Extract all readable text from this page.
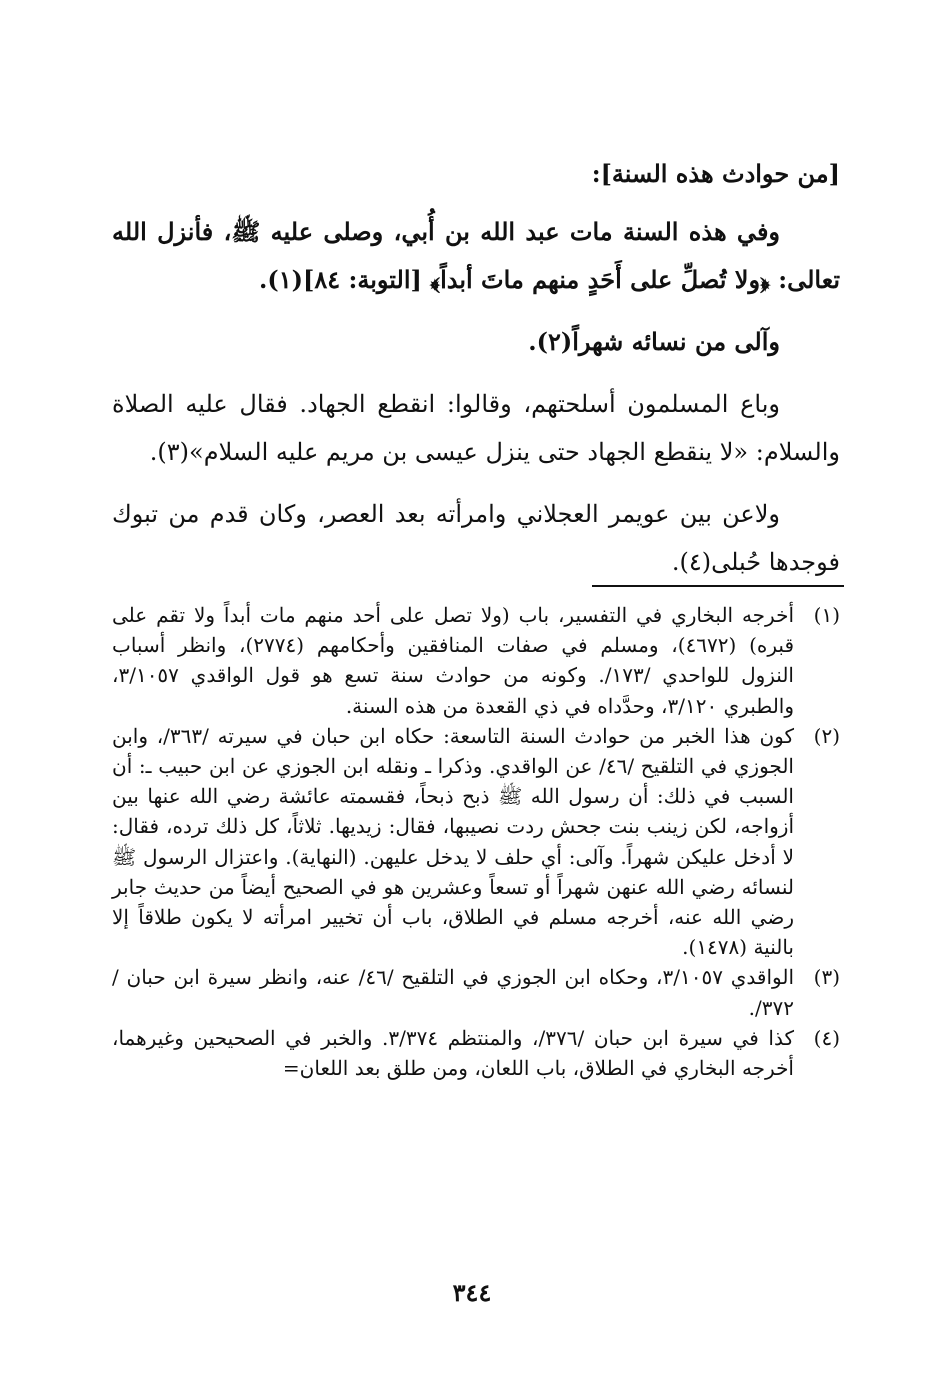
[من حوادث هذه السنة]:

وفي هذه السنة مات عبد الله بن أُبي، وصلى عليه ﷺ، فأنزل الله تعالى: ﴿ولا تُصلِّ على أَحَدٍ منهم ماتَ أبداً﴾ [التوبة: ٨٤](١).

وآلى من نسائه شهراً(٢).

وباع المسلمون أسلحتهم، وقالوا: انقطع الجهاد. فقال عليه الصلاة والسلام: «لا ينقطع الجهاد حتى ينزل عيسى بن مريم عليه السلام»(٣).

ولاعن بين عويمر العجلاني وامرأته بعد العصر، وكان قدم من تبوك فوجدها حُبلى(٤).

(١)
أخرجه البخاري في التفسير، باب (ولا تصل على أحد منهم مات أبداً ولا تقم على قبره) (٤٦٧٢)، ومسلم في صفات المنافقين وأحكامهم (٢٧٧٤)، وانظر أسباب النزول للواحدي /١٧٣/. وكونه من حوادث سنة تسع هو قول الواقدي ٣/١٠٥٧، والطبري ٣/١٢٠، وحدَّداه في ذي القعدة من هذه السنة.
(٢)
كون هذا الخبر من حوادث السنة التاسعة: حكاه ابن حبان في سيرته /٣٦٣/، وابن الجوزي في التلقيح /٤٦/ عن الواقدي. وذكرا ـ ونقله ابن الجوزي عن ابن حبيب ـ: أن السبب في ذلك: أن رسول الله ﷺ ذبح ذبحاً، فقسمته عائشة رضي الله عنها بين أزواجه، لكن زينب بنت جحش ردت نصيبها، فقال: زيديها. ثلاثاً، كل ذلك ترده، فقال: لا أدخل عليكن شهراً. وآلى: أي حلف لا يدخل عليهن. (النهاية). واعتزال الرسول ﷺ لنسائه رضي الله عنهن شهراً أو تسعاً وعشرين هو في الصحيح أيضاً من حديث جابر رضي الله عنه، أخرجه مسلم في الطلاق، باب أن تخيير امرأته لا يكون طلاقاً إلا بالنية (١٤٧٨).
(٣)
الواقدي ٣/١٠٥٧، وحكاه ابن الجوزي في التلقيح /٤٦/ عنه، وانظر سيرة ابن حبان /٣٧٢/.
(٤)
كذا في سيرة ابن حبان /٣٧٦/، والمنتظم ٣/٣٧٤. والخبر في الصحيحين وغيرهما، أخرجه البخاري في الطلاق، باب اللعان، ومن طلق بعد اللعان=
٣٤٤
